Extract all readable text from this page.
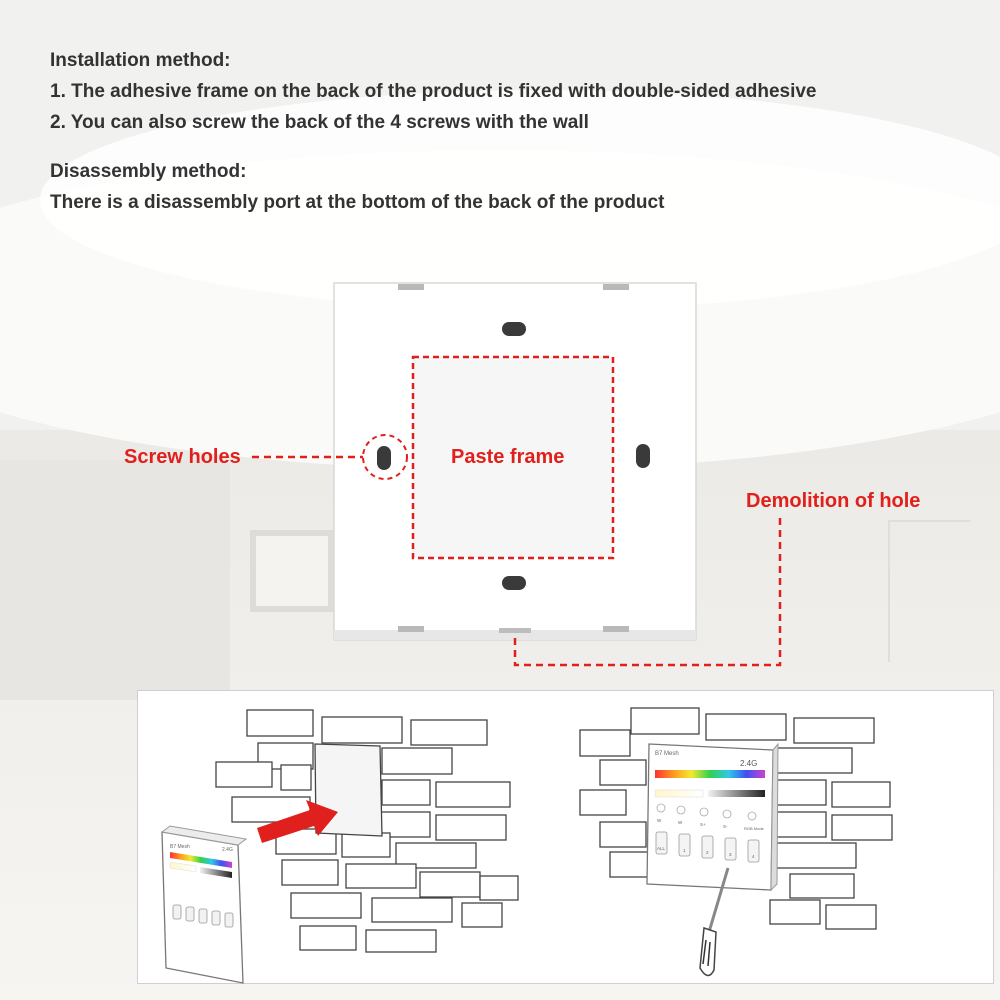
Installation method:

1. The adhesive frame on the back of the product is fixed with double-sided adhesive

2. You can also screw the back of the 4 screws with the wall

Disassembly method:

There is a disassembly port at the bottom of the back of the product

B7 Mesh	2.4G
B7 Mesh
2.4G
W	W	S+	S-	RGB Mode
ALL	1	2	3	4
Screw holes	Paste frame
Demolition of hole
